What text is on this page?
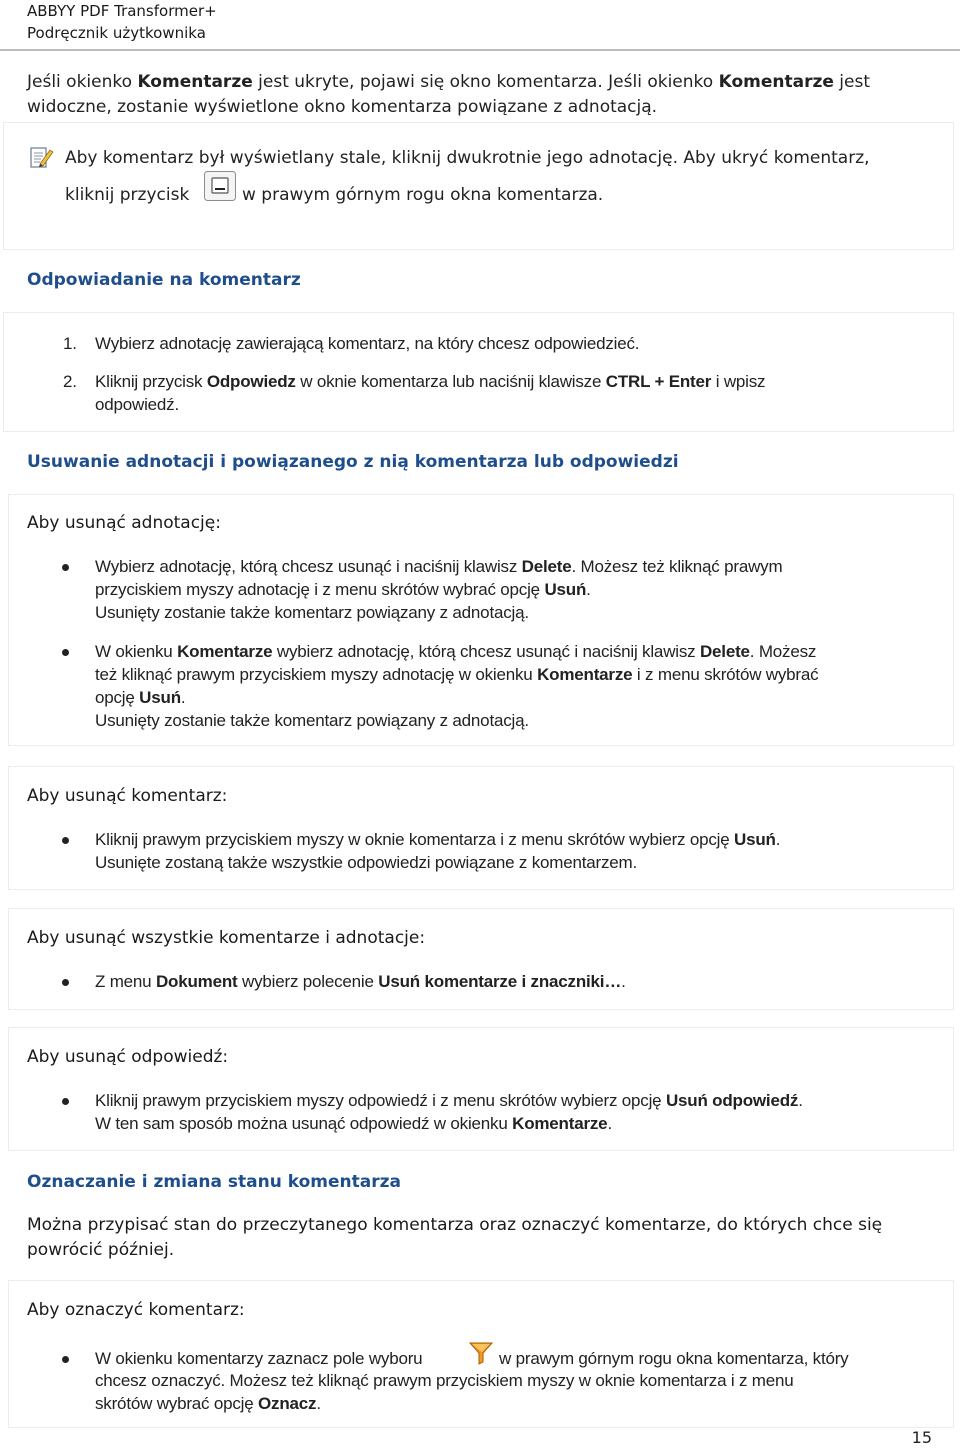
ABBYY PDF Transformer+
Podręcznik użytkownika

Jeśli okienko Komentarze jest ukryte, pojawi się okno komentarza. Jeśli okienko Komentarze jest

widoczne, zostanie wyświetlone okno komentarza powiązane z adnotacją.

Aby komentarz był wyświetlany stale, kliknij dwukrotnie jego adnotację. Aby ukryć komentarz,

kliknij przycisk	w prawym górnym rogu okna komentarza.

Odpowiadanie na komentarz

1. Wybierz adnotację zawierającą komentarz, na który chcesz odpowiedzieć.

2. Kliknij przycisk Odpowiedz w oknie komentarza lub naciśnij klawisze CTRL + Enter i wpisz

odpowiedź.

Usuwanie adnotacji i powiązanego z nią komentarza lub odpowiedzi

Aby usunąć adnotację:

Wybierz adnotację, którą chcesz usunąć i naciśnij klawisz Delete. Możesz też kliknąć prawym

przyciskiem myszy adnotację i z menu skrótów wybrać opcję Usuń.

Usunięty zostanie także komentarz powiązany z adnotacją.

W okienku Komentarze wybierz adnotację, którą chcesz usunąć i naciśnij klawisz Delete. Możesz

też kliknąć prawym przyciskiem myszy adnotację w okienku Komentarze i z menu skrótów wybrać

opcję Usuń.

Usunięty zostanie także komentarz powiązany z adnotacją.

Aby usunąć komentarz:

Kliknij prawym przyciskiem myszy w oknie komentarza i z menu skrótów wybierz opcję Usuń.

Usunięte zostaną także wszystkie odpowiedzi powiązane z komentarzem.

Aby usunąć wszystkie komentarze i adnotacje:

Z menu Dokument wybierz polecenie Usuń komentarze i znaczniki….

Aby usunąć odpowiedź:

Kliknij prawym przyciskiem myszy odpowiedź i z menu skrótów wybierz opcję Usuń odpowiedź.

W ten sam sposób można usunąć odpowiedź w okienku Komentarze.

Oznaczanie i zmiana stanu komentarza

Można przypisać stan do przeczytanego komentarza oraz oznaczyć komentarze, do których chce się

powrócić później.

Aby oznaczyć komentarz:

W okienku komentarzy zaznacz pole wyboru	w prawym górnym rogu okna komentarza, który

chcesz oznaczyć. Możesz też kliknąć prawym przyciskiem myszy w oknie komentarza i z menu

skrótów wybrać opcję Oznacz.

15
